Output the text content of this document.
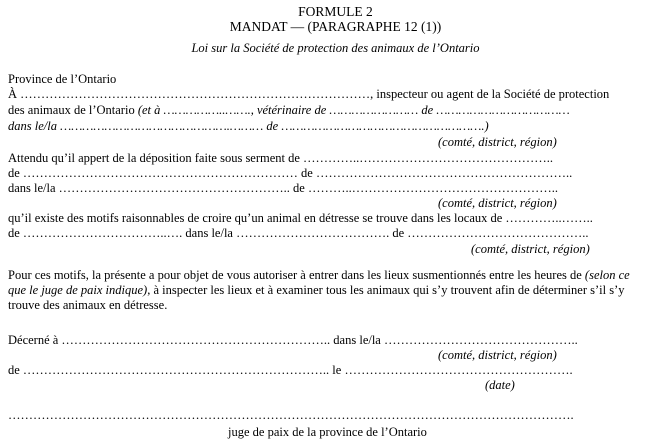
FORMULE 2
MANDAT — (PARAGRAPHE 12 (1))
Loi sur la Société de protection des animaux de l’Ontario
Province de l’Ontario
À …………………………………………………………………………, inspecteur ou agent de la Société de protection
des animaux de l’Ontario (et à ……………..……., vétérinaire de …………………… de ………………………………
dans le/la ……………………………………….……… de ……………………………………………….)
(comté, district, région)
Attendu qu’il appert de la déposition faite sous serment de …………..………………………………………..
de ………………………………………………………… de ……………………………………………………..
dans le/la ……………………………………………….. de ………..…………………………………………..
(comté, district, région)
qu’il existe des motifs raisonnables de croire qu’un animal en détresse se trouve dans les locaux de …………..……..
de ……………………………..…. dans le/la ………………………………. de ……………………………………..
(comté, district, région)
Pour ces motifs, la présente a pour objet de vous autoriser à entrer dans les lieux susmentionnés entre les heures de (selon ce
que le juge de paix indique), à inspecter les lieux et à examiner tous les animaux qui s’y trouvent afin de déterminer s’il s’y
trouve des animaux en détresse.
Décerné à ……………………………………………………….. dans le/la ………………………………………..
(comté, district, région)
de ……………………………………………………………….. le ……………………………………………….
(date)
……………………………………………………………………………………………………………………….
juge de paix de la province de l’Ontario
